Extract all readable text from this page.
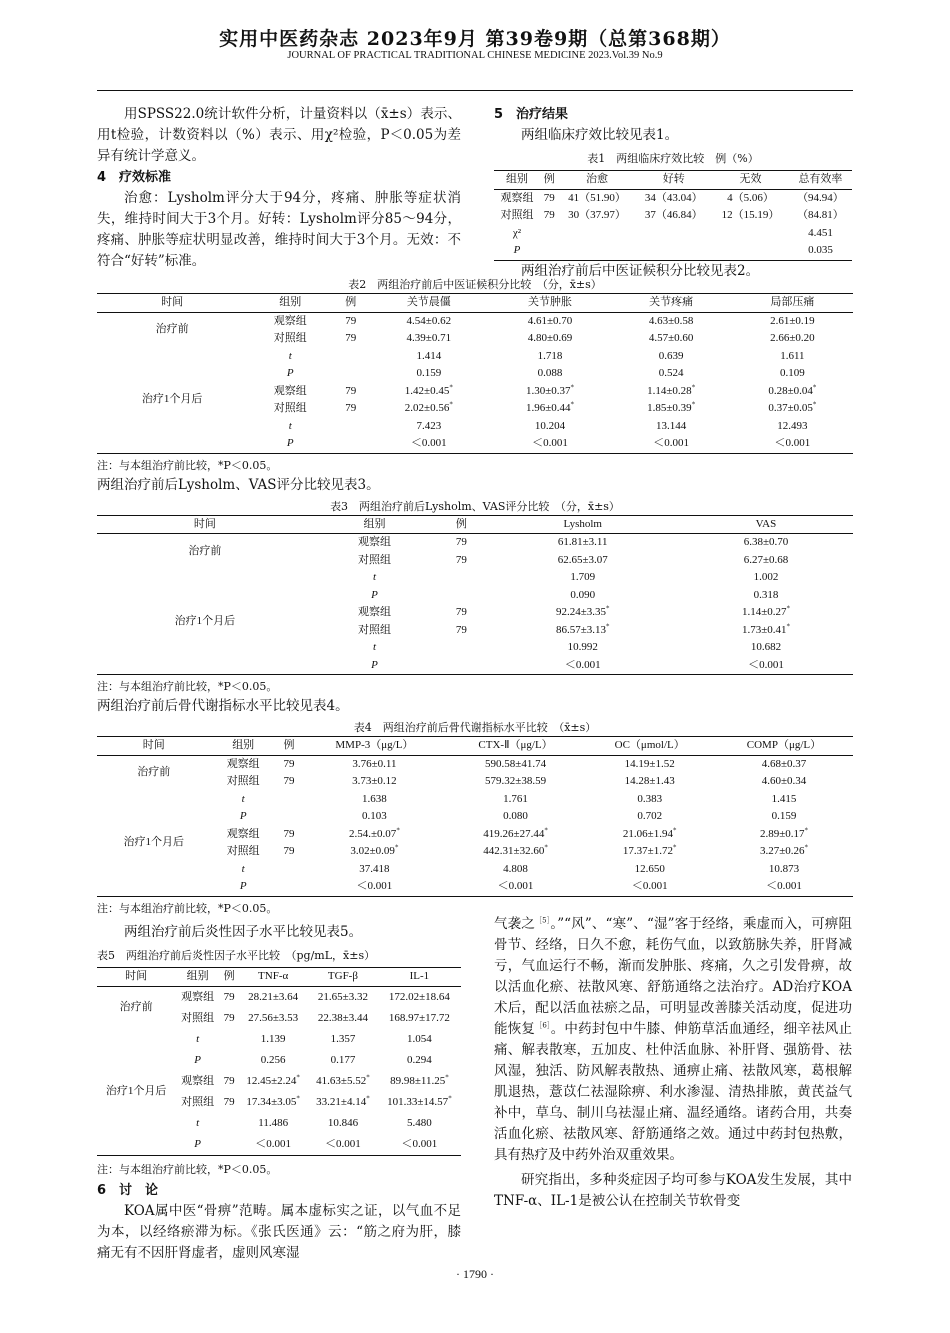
实用中医药杂志 2023年9月 第39卷9期（总第368期）
JOURNAL OF PRACTICAL TRADITIONAL CHINESE MEDICINE 2023.Vol.39 No.9

用SPSS22.0统计软件分析，计量资料以（x̄±s）表示、用t检验，计数资料以（%）表示、用χ²检验，P＜0.05为差异有统计学意义。

4　疗效标准

治愈：Lysholm评分大于94分，疼痛、肿胀等症状消失，维持时间大于3个月。好转：Lysholm评分85～94分，疼痛、肿胀等症状明显改善，维持时间大于3个月。无效：不符合“好转”标准。

5　治疗结果

两组临床疗效比较见表1。

表1　两组临床疗效比较　例（%）
组别	例	治愈	好转	无效	总有效率
观察组	79	41（51.90）	34（43.04）	4（5.06）	（94.94）
对照组	79	30（37.97）	37（46.84）	12（15.19）	（84.81）
χ²					4.451
P					0.035

两组治疗前后中医证候积分比较见表2。

表2　两组治疗前后中医证候积分比较　（分，x̄±s）
时间	组别	例	关节晨僵	关节肿胀	关节疼痛	局部压痛
治疗前	观察组	79	4.54±0.62	4.61±0.70	4.63±0.58	2.61±0.19
	对照组	79	4.39±0.71	4.80±0.69	4.57±0.60	2.66±0.20
	t		1.414	1.718	0.639	1.611
	P		0.159	0.088	0.524	0.109
治疗1个月后	观察组	79	1.42±0.45*	1.30±0.37*	1.14±0.28*	0.28±0.04*
	对照组	79	2.02±0.56*	1.96±0.44*	1.85±0.39*	0.37±0.05*
	t		7.423	10.204	13.144	12.493
	P		＜0.001	＜0.001	＜0.001	＜0.001
注：与本组治疗前比较，*P＜0.05。
两组治疗前后Lysholm、VAS评分比较见表3。
表3　两组治疗前后Lysholm、VAS评分比较　（分，x̄±s）
时间	组别	例	Lysholm	VAS
治疗前	观察组	79	61.81±3.11	6.38±0.70
	对照组	79	62.65±3.07	6.27±0.68
	t		1.709	1.002
	P		0.090	0.318
治疗1个月后	观察组	79	92.24±3.35*	1.14±0.27*
	对照组	79	86.57±3.13*	1.73±0.41*
	t		10.992	10.682
	P		＜0.001	＜0.001
注：与本组治疗前比较，*P＜0.05。
两组治疗前后骨代谢指标水平比较见表4。
表4　两组治疗前后骨代谢指标水平比较　（x̄±s）
时间	组别	例	MMP-3（μg/L）	CTX-Ⅱ（μg/L）	OC（μmol/L）	COMP（μg/L）
治疗前	观察组	79	3.76±0.11	590.58±41.74	14.19±1.52	4.68±0.37
	对照组	79	3.73±0.12	579.32±38.59	14.28±1.43	4.60±0.34
	t		1.638	1.761	0.383	1.415
	P		0.103	0.080	0.702	0.159
治疗1个月后	观察组	79	2.54.±0.07*	419.26±27.44*	21.06±1.94*	2.89±0.17*
	对照组	79	3.02±0.09*	442.31±32.60*	17.37±1.72*	3.27±0.26*
	t		37.418	4.808	12.650	10.873
	P		＜0.001	＜0.001	＜0.001	＜0.001
注：与本组治疗前比较，*P＜0.05。

两组治疗前后炎性因子水平比较见表5。

表5　两组治疗前后炎性因子水平比较　（pg/mL，x̄±s）
时间	组别	例	TNF-α	TGF-β	IL-1
治疗前	观察组	79	28.21±3.64	21.65±3.32	172.02±18.64
	对照组	79	27.56±3.53	22.38±3.44	168.97±17.72
	t		1.139	1.357	1.054
	P		0.256	0.177	0.294
治疗1个月后	观察组	79	12.45±2.24*	41.63±5.52*	89.98±11.25*
	对照组	79	17.34±3.05*	33.21±4.14*	101.33±14.57*
	t		11.486	10.846	5.480
	P		＜0.001	＜0.001	＜0.001
注：与本组治疗前比较，*P＜0.05。

6　讨　论

KOA属中医“骨痹”范畴。属本虚标实之证，以气血不足为本，以经络瘀滞为标。《张氏医通》云：“筋之府为肝，膝痛无有不因肝肾虚者，虚则风寒湿

气袭之$^{[5]}$。”“风”、“寒”、“湿”客于经络，乘虚而入，可痹阻骨节、经络，日久不愈，耗伤气血，以致筋脉失养，肝肾减亏，气血运行不畅，渐而发肿胀、疼痛，久之引发骨痹，故以活血化瘀、祛散风寒、舒筋通络之法治疗。AD治疗KOA术后，配以活血祛瘀之品，可明显改善膝关活动度，促进功能恢复$^{[6]}$。中药封包中牛膝、伸筋草活血通经，细辛祛风止痛、解表散寒，五加皮、杜仲活血脉、补肝肾、强筋骨、祛风湿，独活、防风解表散热、通痹止痛、祛散风寒，葛根解肌退热，薏苡仁祛湿除痹、利水渗湿、清热排脓，黄芪益气补中，草乌、制川乌祛湿止痛、温经通络。诸药合用，共奏活血化瘀、祛散风寒、舒筋通络之效。通过中药封包热敷，具有热疗及中药外治双重效果。

研究指出，多种炎症因子均可参与KOA发生发展，其中TNF-α、IL-1是被公认在控制关节软骨变

· 1790 ·
